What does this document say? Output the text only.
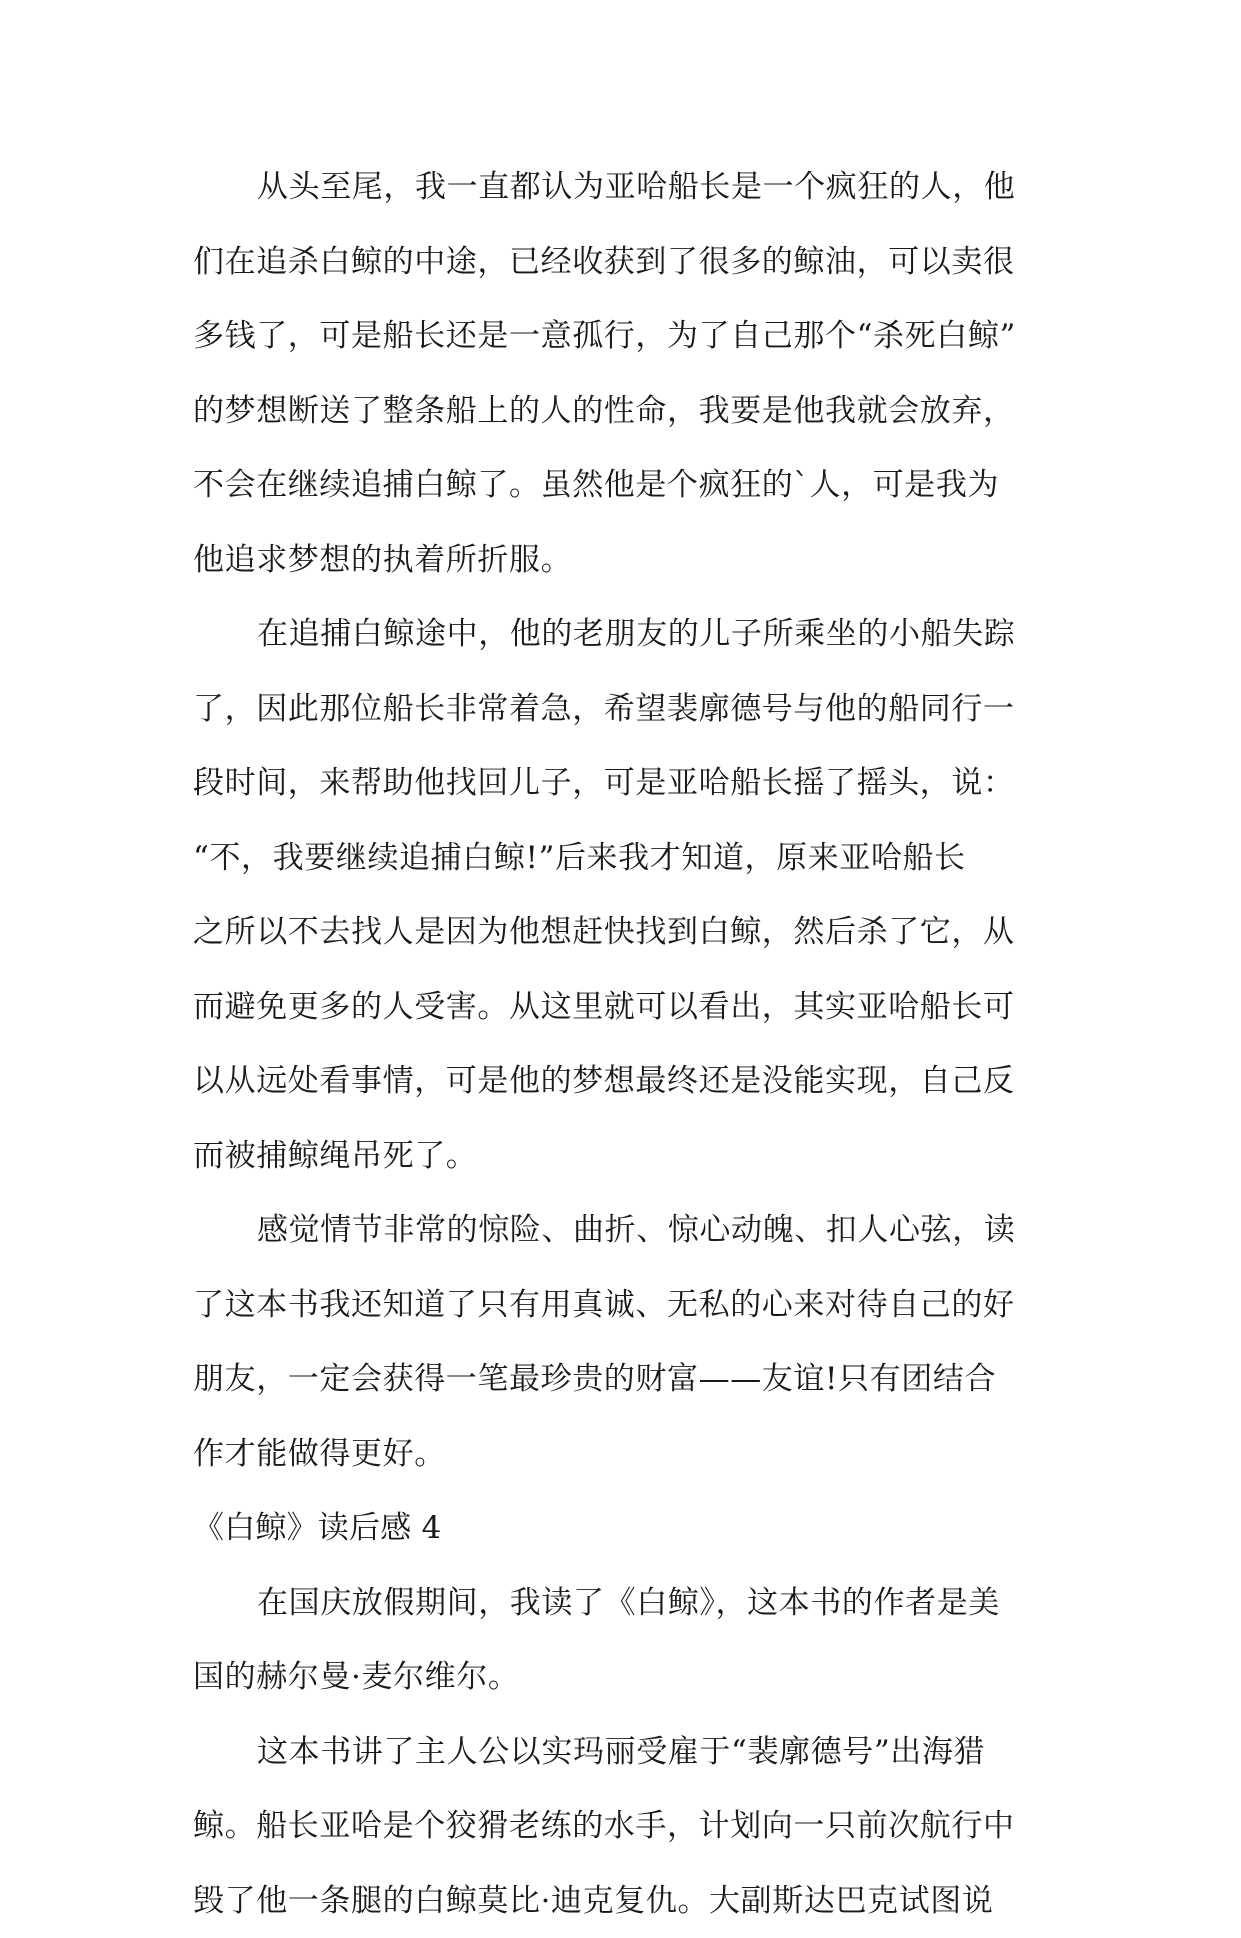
从头至尾，我一直都认为亚哈船长是一个疯狂的人，他
们在追杀白鲸的中途，已经收获到了很多的鲸油，可以卖很
多钱了，可是船长还是一意孤行，为了自己那个“杀死白鲸”
的梦想断送了整条船上的人的性命，我要是他我就会放弃，
不会在继续追捕白鲸了。虽然他是个疯狂的`人，可是我为
他追求梦想的执着所折服。
在追捕白鲸途中，他的老朋友的儿子所乘坐的小船失踪
了，因此那位船长非常着急，希望裴廓德号与他的船同行一
段时间，来帮助他找回儿子，可是亚哈船长摇了摇头，说：
“不，我要继续追捕白鲸!”后来我才知道，原来亚哈船长
之所以不去找人是因为他想赶快找到白鲸，然后杀了它，从
而避免更多的人受害。从这里就可以看出，其实亚哈船长可
以从远处看事情，可是他的梦想最终还是没能实现，自己反
而被捕鲸绳吊死了。
感觉情节非常的惊险、曲折、惊心动魄、扣人心弦，读
了这本书我还知道了只有用真诚、无私的心来对待自己的好
朋友，一定会获得一笔最珍贵的财富——友谊!只有团结合
作才能做得更好。
《白鲸》读后感 4
在国庆放假期间，我读了《白鲸》，这本书的作者是美
国的赫尔曼·麦尔维尔。
这本书讲了主人公以实玛丽受雇于“裴廓德号”出海猎
鲸。船长亚哈是个狡猾老练的水手，计划向一只前次航行中
毁了他一条腿的白鲸莫比·迪克复仇。大副斯达巴克试图说
